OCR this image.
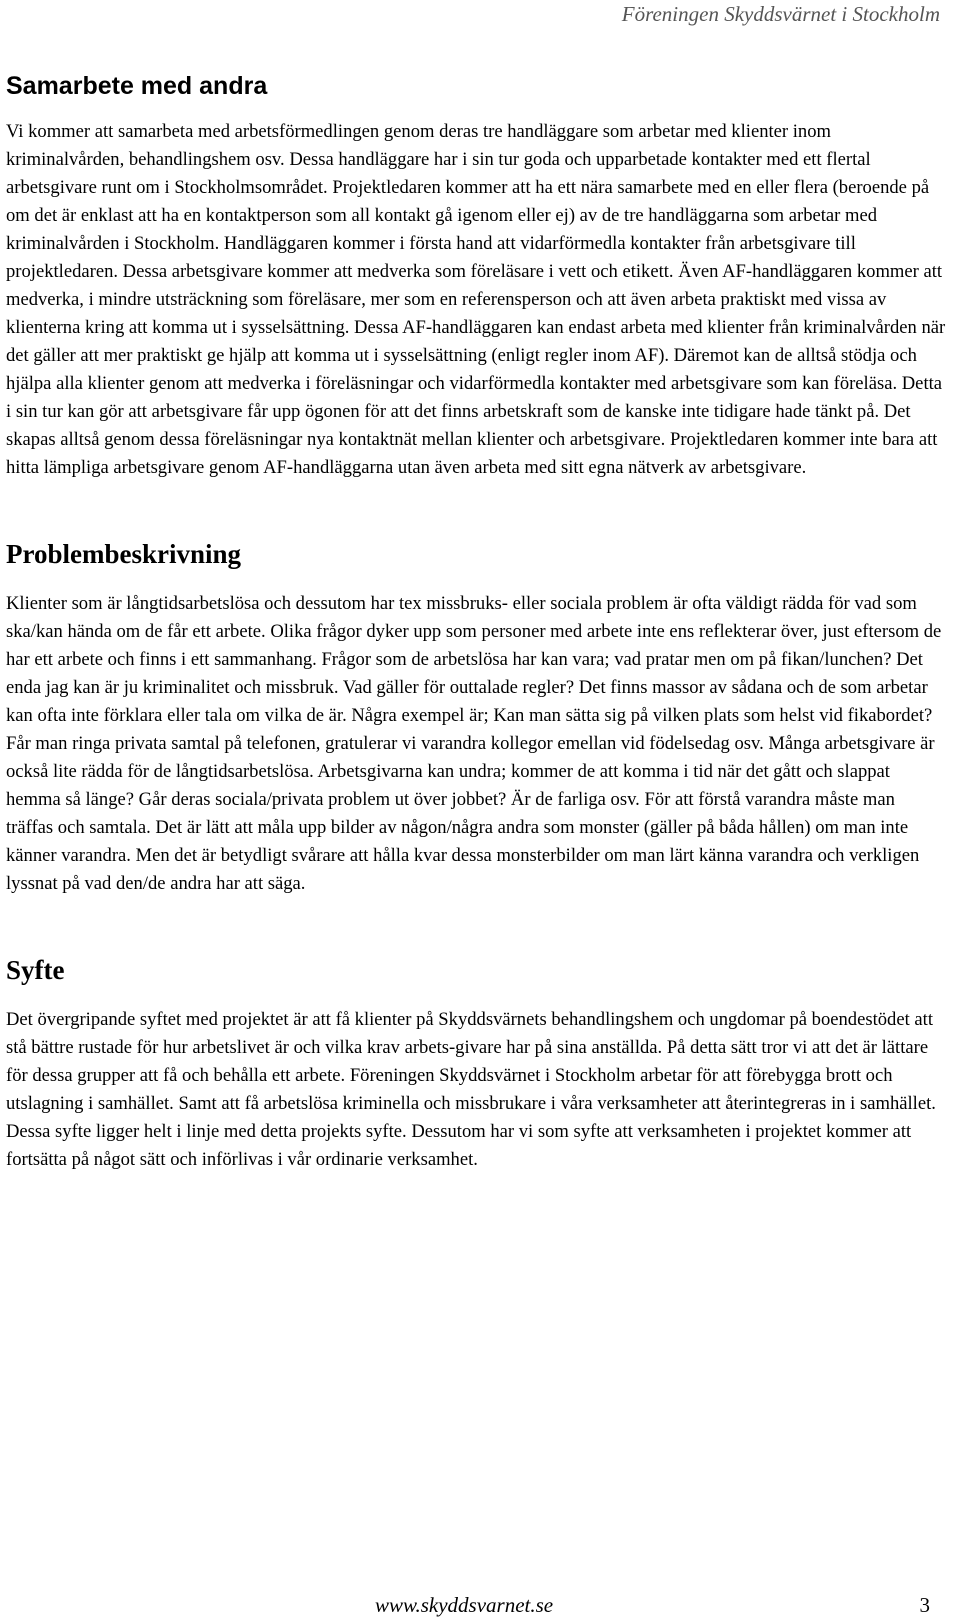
Föreningen Skyddsvärnet i Stockholm
Samarbete med andra

Vi kommer att samarbeta med arbetsförmedlingen genom deras tre handläggare som arbetar med klienter inom kriminalvården, behandlingshem osv. Dessa handläggare har i sin tur goda och upparbetade kontakter med ett flertal arbetsgivare runt om i Stockholmsområdet. Projektledaren kommer att ha ett nära samarbete med en eller flera (beroende på om det är enklast att ha en kontaktperson som all kontakt gå igenom eller ej) av de tre handläggarna som arbetar med kriminalvården i Stockholm. Handläggaren kommer i första hand att vidarförmedla kontakter från arbetsgivare till projektledaren. Dessa arbetsgivare kommer att medverka som föreläsare i vett och etikett. Även AF-handläggaren kommer att medverka, i mindre utsträckning som föreläsare, mer som en referensperson och att även arbeta praktiskt med vissa av klienterna kring att komma ut i sysselsättning. Dessa AF-handläggaren kan endast arbeta med klienter från kriminalvården när det gäller att mer praktiskt ge hjälp att komma ut i sysselsättning (enligt regler inom AF). Däremot kan de alltså stödja och hjälpa alla klienter genom att medverka i föreläsningar och vidarförmedla kontakter med arbetsgivare som kan föreläsa. Detta i sin tur kan gör att arbetsgivare får upp ögonen för att det finns arbetskraft som de kanske inte tidigare hade tänkt på. Det skapas alltså genom dessa föreläsningar nya kontaktnät mellan klienter och arbetsgivare. Projektledaren kommer inte bara att hitta lämpliga arbetsgivare genom AF-handläggarna utan även arbeta med sitt egna nätverk av arbetsgivare.

Problembeskrivning

Klienter som är långtidsarbetslösa och dessutom har tex missbruks- eller sociala problem är ofta väldigt rädda för vad som ska/kan hända om de får ett arbete. Olika frågor dyker upp som personer med arbete inte ens reflekterar över, just eftersom de har ett arbete och finns i ett sammanhang. Frågor som de arbetslösa har kan vara; vad pratar men om på fikan/lunchen? Det enda jag kan är ju kriminalitet och missbruk. Vad gäller för outtalade regler? Det finns massor av sådana och de som arbetar kan ofta inte förklara eller tala om vilka de är. Några exempel är; Kan man sätta sig på vilken plats som helst vid fikabordet? Får man ringa privata samtal på telefonen, gratulerar vi varandra kollegor emellan vid födelsedag osv. Många arbetsgivare är också lite rädda för de långtidsarbetslösa. Arbetsgivarna kan undra; kommer de att komma i tid när det gått och slappat hemma så länge? Går deras sociala/privata problem ut över jobbet? Är de farliga osv. För att förstå varandra måste man träffas och samtala. Det är lätt att måla upp bilder av någon/några andra som monster (gäller på båda hållen) om man inte känner varandra. Men det är betydligt svårare att hålla kvar dessa monsterbilder om man lärt känna varandra och verkligen lyssnat på vad den/de andra har att säga.

Syfte

Det övergripande syftet med projektet är att få klienter på Skyddsvärnets behandlingshem och ungdomar på boendestödet att stå bättre rustade för hur arbetslivet är och vilka krav arbets-givare har på sina anställda. På detta sätt tror vi att det är lättare för dessa grupper att få och behålla ett arbete. Föreningen Skyddsvärnet i Stockholm arbetar för att förebygga brott och utslagning i samhället. Samt att få arbetslösa kriminella och missbrukare i våra verksamheter att återintegreras in i samhället. Dessa syfte ligger helt i linje med detta projekts syfte. Dessutom har vi som syfte att verksamheten i projektet kommer att fortsätta på något sätt och införlivas i vår ordinarie verksamhet.

www.skyddsvarnet.se	3
